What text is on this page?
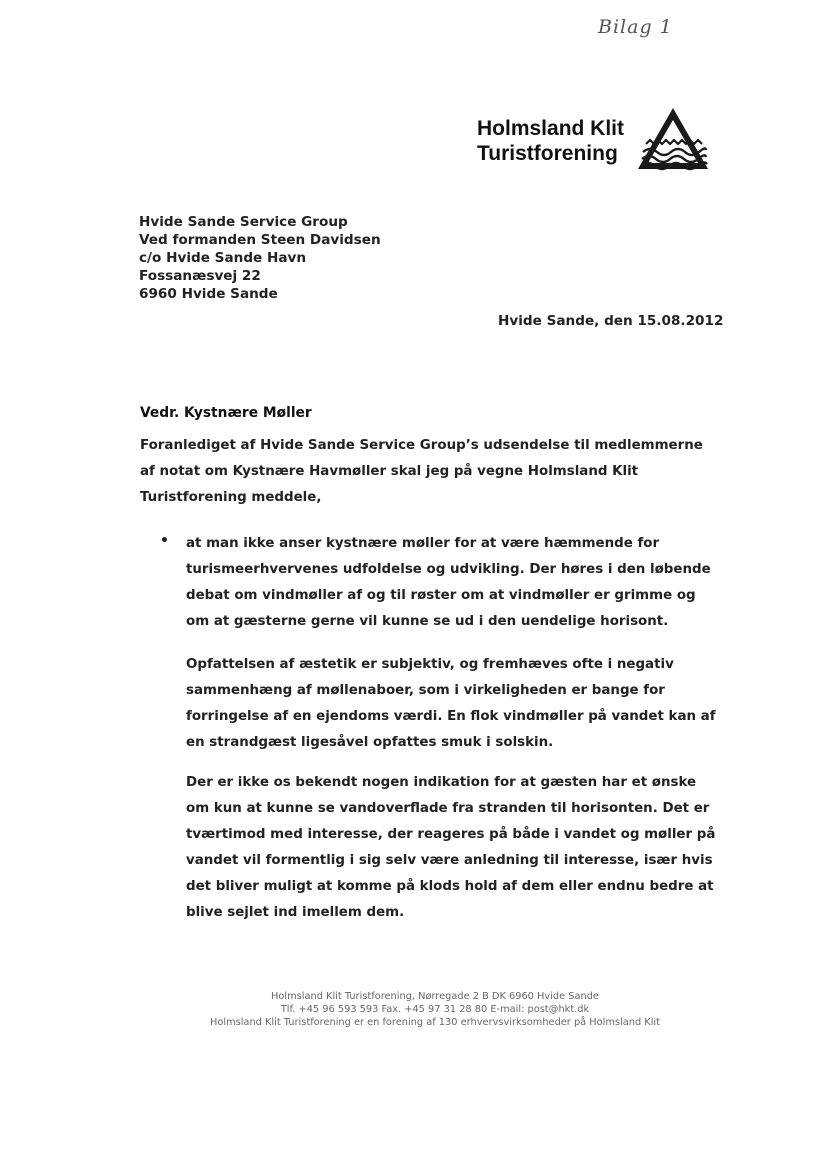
Bilag 1
Holmsland Klit
Turistforening
Hvide Sande Service Group
Ved formanden Steen Davidsen
c/o Hvide Sande Havn
Fossanæsvej 22
6960 Hvide Sande
Hvide Sande, den 15.08.2012
Vedr. Kystnære Møller
Foranlediget af Hvide Sande Service Group’s udsendelse til medlemmerne af notat om Kystnære Havmøller skal jeg på vegne Holmsland Klit Turistforening meddele,
• at man ikke anser kystnære møller for at være hæmmende for turismeerhvervenes udfoldelse og udvikling. Der høres i den løbende debat om vindmøller af og til røster om at vindmøller er grimme og om at gæsterne gerne vil kunne se ud i den uendelige horisont.
Opfattelsen af æstetik er subjektiv, og fremhæves ofte i negativ sammenhæng af møllenaboer, som i virkeligheden er bange for forringelse af en ejendoms værdi. En flok vindmøller på vandet kan af en strandgæst ligesåvel opfattes smuk i solskin.
Der er ikke os bekendt nogen indikation for at gæsten har et ønske om kun at kunne se vandoverflade fra stranden til horisonten. Det er tværtimod med interesse, der reageres på både i vandet og møller på vandet vil formentlig i sig selv være anledning til interesse, især hvis det bliver muligt at komme på klods hold af dem eller endnu bedre at blive sejlet ind imellem dem.
Holmsland Klit Turistforening, Nørregade 2 B DK 6960 Hvide Sande
Tlf. +45 96 593 593 Fax. +45 97 31 28 80 E-mail: post@hkt.dk
Holmsland Klit Turistforening er en forening af 130 erhvervsvirksomheder på Holmsland Klit
